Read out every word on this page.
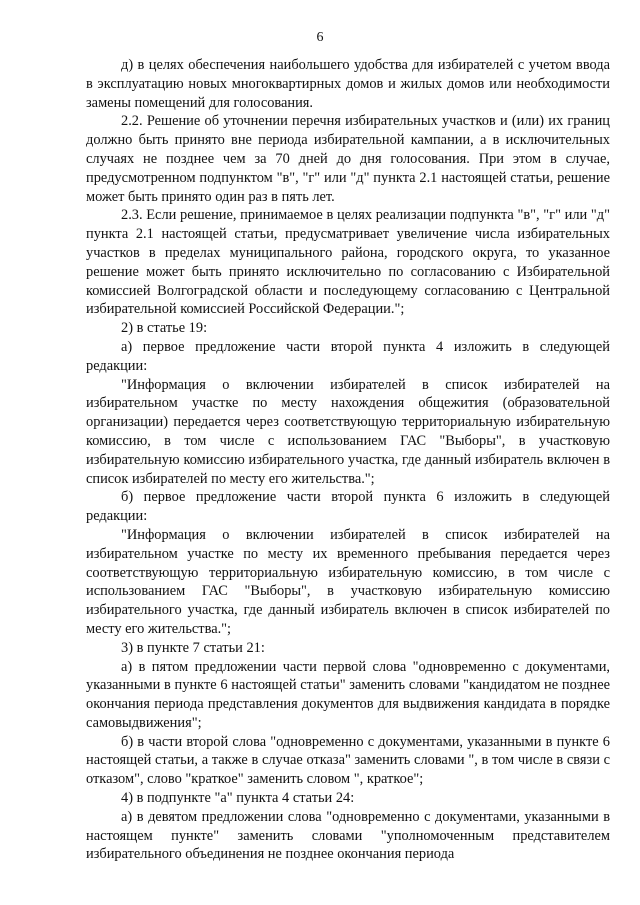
6

д) в целях обеспечения наибольшего удобства для избирателей с учетом ввода в эксплуатацию новых многоквартирных домов и жилых домов или необходимости замены помещений для голосования.

2.2. Решение об уточнении перечня избирательных участков и (или) их границ должно быть принято вне периода избирательной кампании, а в исключительных случаях не позднее чем за 70 дней до дня голосования. При этом в случае, предусмотренном подпунктом "в", "г" или "д" пункта 2.1 настоящей статьи, решение может быть принято один раз в пять лет.

2.3. Если решение, принимаемое в целях реализации подпункта "в", "г" или "д" пункта 2.1 настоящей статьи, предусматривает увеличение числа избирательных участков в пределах муниципального района, городского округа, то указанное решение может быть принято исключительно по согласованию с Избирательной комиссией Волгоградской области и последующему согласованию с Центральной избирательной комиссией Российской Федерации.";

2) в статье 19:

а) первое предложение части второй пункта 4 изложить в следующей редакции:

"Информация о включении избирателей в список избирателей на избирательном участке по месту нахождения общежития (образовательной организации) передается через соответствующую территориальную избирательную комиссию, в том числе с использованием ГАС "Выборы", в участковую избирательную комиссию избирательного участка, где данный избиратель включен в список избирателей по месту его жительства.";

б) первое предложение части второй пункта 6 изложить в следующей редакции:

"Информация о включении избирателей в список избирателей на избирательном участке по месту их временного пребывания передается через соответствующую территориальную избирательную комиссию, в том числе с использованием ГАС "Выборы", в участковую избирательную комиссию избирательного участка, где данный избиратель включен в список избирателей по месту его жительства.";

3) в пункте 7 статьи 21:

а) в пятом предложении части первой слова "одновременно с документами, указанными в пункте 6 настоящей статьи" заменить словами "кандидатом не позднее окончания периода представления документов для выдвижения кандидата в порядке самовыдвижения";

б) в части второй слова "одновременно с документами, указанными в пункте 6 настоящей статьи, а также в случае отказа" заменить словами ", в том числе в связи с отказом", слово "краткое" заменить словом ", краткое";

4) в подпункте "а" пункта 4 статьи 24:

а) в девятом предложении слова "одновременно с документами, указанными в настоящем пункте" заменить словами "уполномоченным представителем избирательного объединения не позднее окончания периода
